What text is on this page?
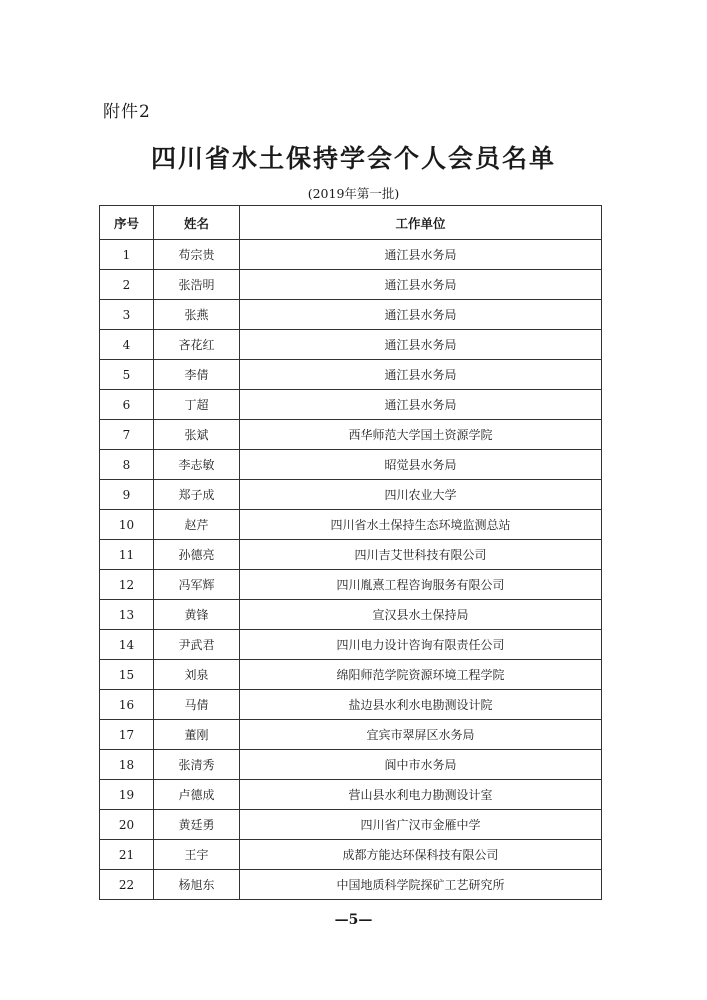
附件2
四川省水土保持学会个人会员名单
(2019年第一批)
序号	姓名	工作单位
1	苟宗贵	通江县水务局
2	张浩明	通江县水务局
3	张燕	通江县水务局
4	吝花红	通江县水务局
5	李倩	通江县水务局
6	丁超	通江县水务局
7	张斌	西华师范大学国土资源学院
8	李志敏	昭觉县水务局
9	郑子成	四川农业大学
10	赵芹	四川省水土保持生态环境监测总站
11	孙德亮	四川吉艾世科技有限公司
12	冯军辉	四川胤熹工程咨询服务有限公司
13	黄锋	宣汉县水土保持局
14	尹武君	四川电力设计咨询有限责任公司
15	刘泉	绵阳师范学院资源环境工程学院
16	马倩	盐边县水利水电勘测设计院
17	董刚	宜宾市翠屏区水务局
18	张清秀	阆中市水务局
19	卢德成	营山县水利电力勘测设计室
20	黄廷勇	四川省广汉市金雁中学
21	王宇	成都方能达环保科技有限公司
22	杨旭东	中国地质科学院探矿工艺研究所
—5—
